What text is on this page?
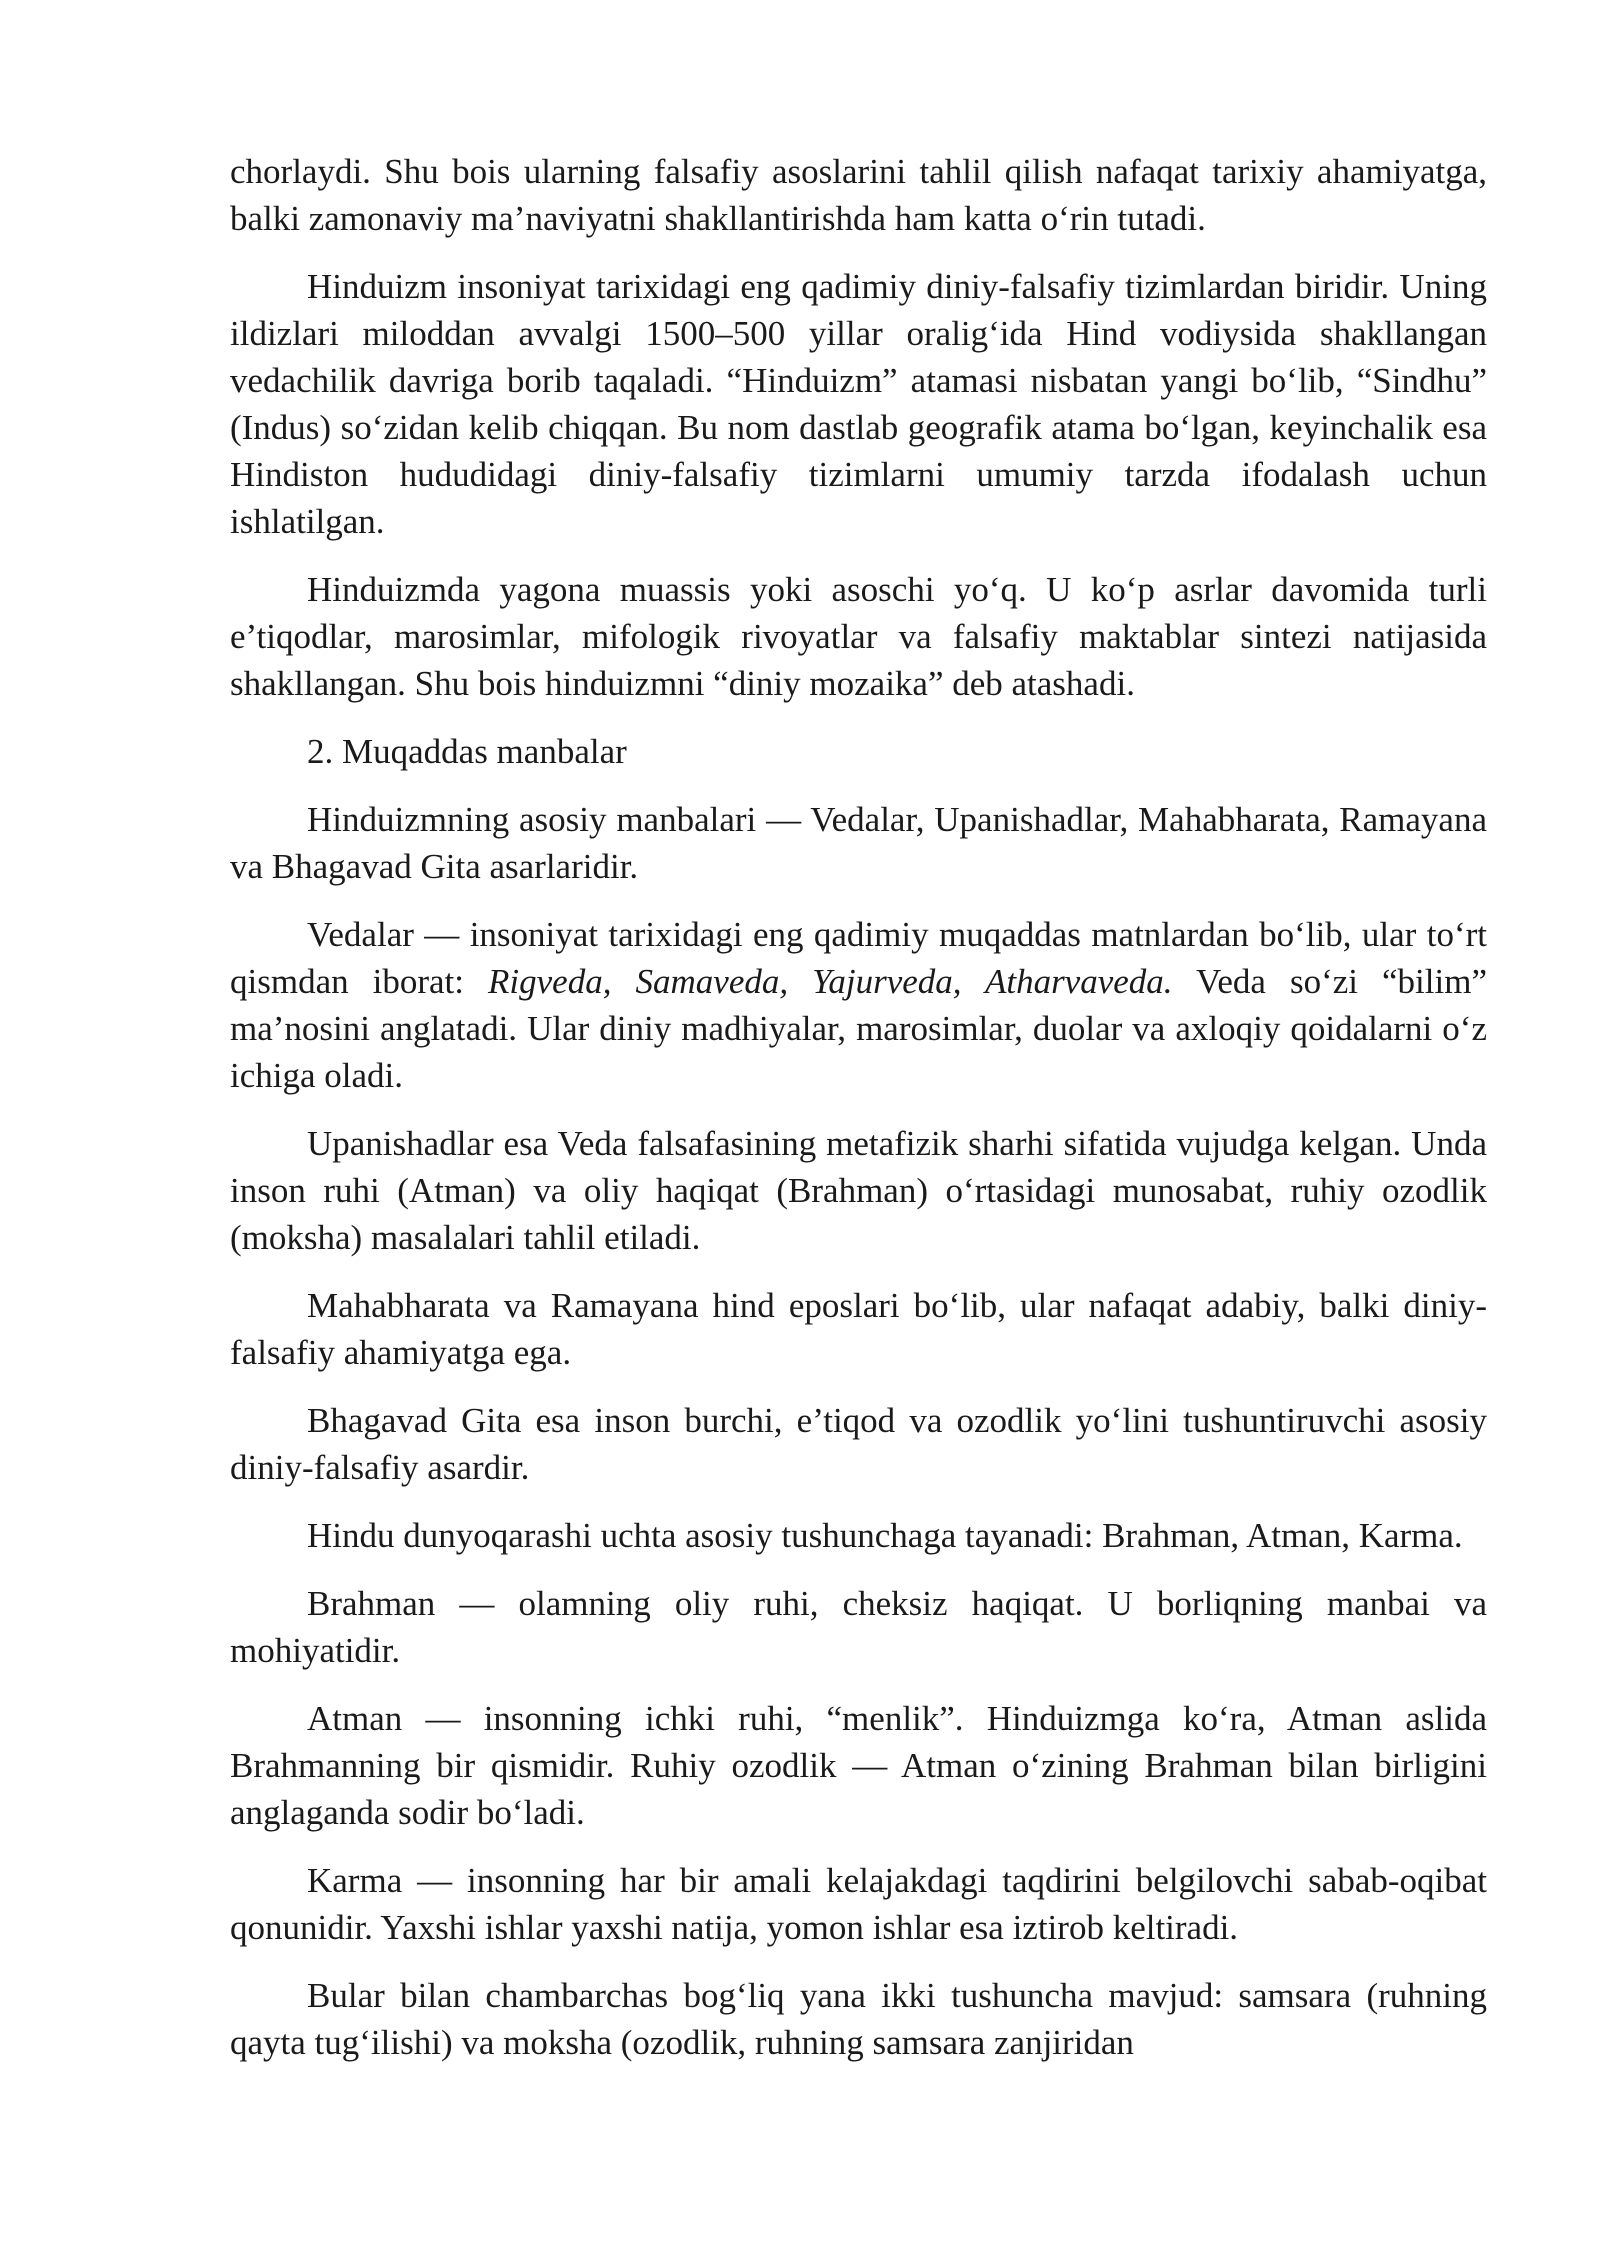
chorlaydi. Shu bois ularning falsafiy asoslarini tahlil qilish nafaqat tarixiy ahamiyatga, balki zamonaviy ma’naviyatni shakllantirishda ham katta o‘rin tutadi.

Hinduizm insoniyat tarixidagi eng qadimiy diniy-falsafiy tizimlardan biridir. Uning ildizlari miloddan avvalgi 1500–500 yillar oralig‘ida Hind vodiysida shakllangan vedachilik davriga borib taqaladi. “Hinduizm” atamasi nisbatan yangi bo‘lib, “Sindhu” (Indus) so‘zidan kelib chiqqan. Bu nom dastlab geografik atama bo‘lgan, keyinchalik esa Hindiston hududidagi diniy-falsafiy tizimlarni umumiy tarzda ifodalash uchun ishlatilgan.

Hinduizmda yagona muassis yoki asoschi yo‘q. U ko‘p asrlar davomida turli e’tiqodlar, marosimlar, mifologik rivoyatlar va falsafiy maktablar sintezi natijasida shakllangan. Shu bois hinduizmni “diniy mozaika” deb atashadi.

2. Muqaddas manbalar

Hinduizmning asosiy manbalari — Vedalar, Upanishadlar, Mahabharata, Ramayana va Bhagavad Gita asarlaridir.

Vedalar — insoniyat tarixidagi eng qadimiy muqaddas matnlardan bo‘lib, ular to‘rt qismdan iborat: Rigveda, Samaveda, Yajurveda, Atharvaveda. Veda so‘zi “bilim” ma’nosini anglatadi. Ular diniy madhiyalar, marosimlar, duolar va axloqiy qoidalarni o‘z ichiga oladi.

Upanishadlar esa Veda falsafasining metafizik sharhi sifatida vujudga kelgan. Unda inson ruhi (Atman) va oliy haqiqat (Brahman) o‘rtasidagi munosabat, ruhiy ozodlik (moksha) masalalari tahlil etiladi.

Mahabharata va Ramayana hind eposlari bo‘lib, ular nafaqat adabiy, balki diniy-falsafiy ahamiyatga ega.

Bhagavad Gita esa inson burchi, e’tiqod va ozodlik yo‘lini tushuntiruvchi asosiy diniy-falsafiy asardir.

Hindu dunyoqarashi uchta asosiy tushunchaga tayanadi: Brahman, Atman, Karma.

Brahman — olamning oliy ruhi, cheksiz haqiqat. U borliqning manbai va mohiyatidir.

Atman — insonning ichki ruhi, “menlik”. Hinduizmga ko‘ra, Atman aslida Brahmanning bir qismidir. Ruhiy ozodlik — Atman o‘zining Brahman bilan birligini anglaganda sodir bo‘ladi.

Karma — insonning har bir amali kelajakdagi taqdirini belgilovchi sabab-oqibat qonunidir. Yaxshi ishlar yaxshi natija, yomon ishlar esa iztirob keltiradi.

Bular bilan chambarchas bog‘liq yana ikki tushuncha mavjud: samsara (ruhning qayta tug‘ilishi) va moksha (ozodlik, ruhning samsara zanjiridan
